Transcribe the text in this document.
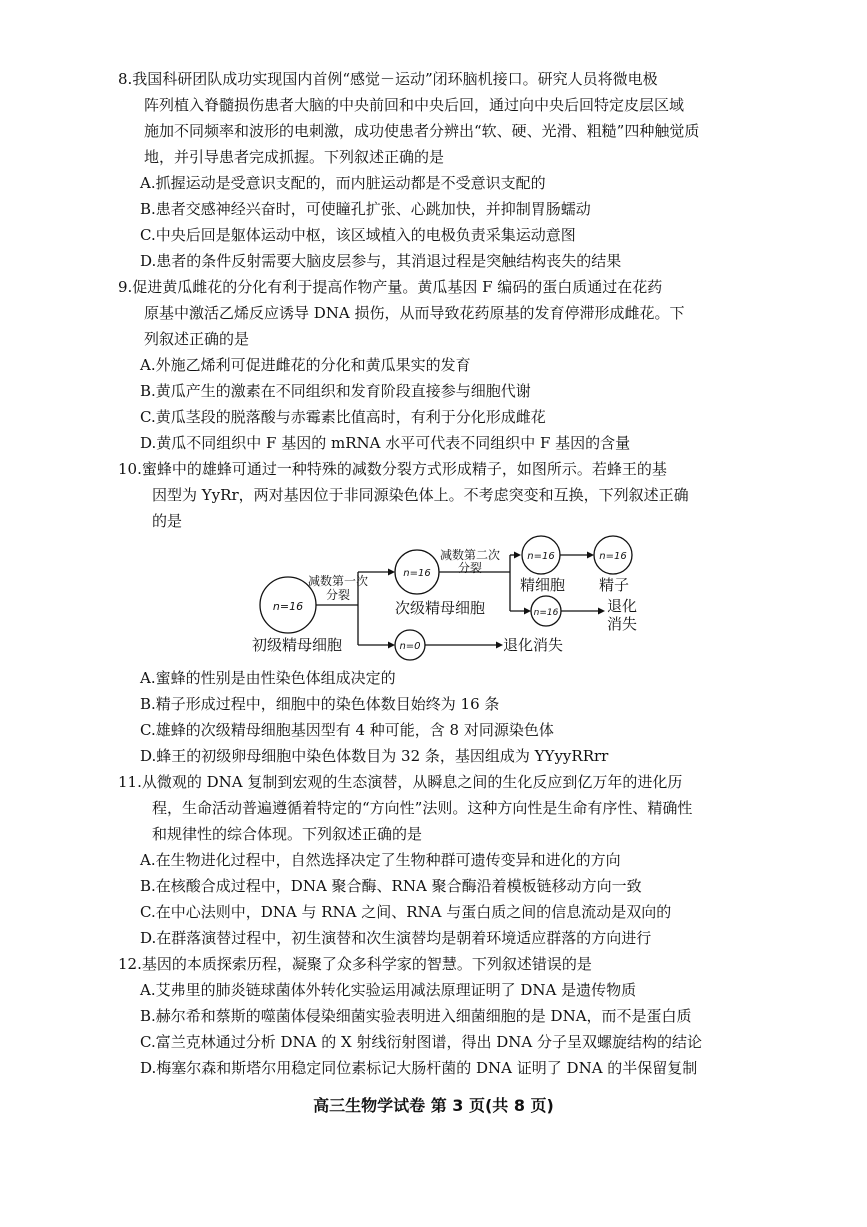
8.我国科研团队成功实现国内首例“感觉－运动”闭环脑机接口。研究人员将微电极
阵列植入脊髓损伤患者大脑的中央前回和中央后回，通过向中央后回特定皮层区域
施加不同频率和波形的电刺激，成功使患者分辨出“软、硬、光滑、粗糙”四种触觉质
地，并引导患者完成抓握。下列叙述正确的是
A.抓握运动是受意识支配的，而内脏运动都是不受意识支配的
B.患者交感神经兴奋时，可使瞳孔扩张、心跳加快，并抑制胃肠蠕动
C.中央后回是躯体运动中枢，该区域植入的电极负责采集运动意图
D.患者的条件反射需要大脑皮层参与，其消退过程是突触结构丧失的结果
9.促进黄瓜雌花的分化有利于提高作物产量。黄瓜基因 F 编码的蛋白质通过在花药
原基中激活乙烯反应诱导 DNA 损伤，从而导致花药原基的发育停滞形成雌花。下
列叙述正确的是
A.外施乙烯利可促进雌花的分化和黄瓜果实的发育
B.黄瓜产生的激素在不同组织和发育阶段直接参与细胞代谢
C.黄瓜茎段的脱落酸与赤霉素比值高时，有利于分化形成雌花
D.黄瓜不同组织中 F 基因的 mRNA 水平可代表不同组织中 F 基因的含量
10.蜜蜂中的雄蜂可通过一种特殊的减数分裂方式形成精子，如图所示。若蜂王的基
因型为 YyRr，两对基因位于非同源染色体上。不考虑突变和互换，下列叙述正确
的是
n=16
初级精母细胞
减数第一次
分裂
n=16
次级精母细胞
n=0	退化消失
减数第二次
分裂
n=16
精细胞
n=16
精子
n=16	退化
消失
A.蜜蜂的性别是由性染色体组成决定的
B.精子形成过程中，细胞中的染色体数目始终为 16 条
C.雄蜂的次级精母细胞基因型有 4 种可能，含 8 对同源染色体
D.蜂王的初级卵母细胞中染色体数目为 32 条，基因组成为 YYyyRRrr
11.从微观的 DNA 复制到宏观的生态演替，从瞬息之间的生化反应到亿万年的进化历
程，生命活动普遍遵循着特定的“方向性”法则。这种方向性是生命有序性、精确性
和规律性的综合体现。下列叙述正确的是
A.在生物进化过程中，自然选择决定了生物种群可遗传变异和进化的方向
B.在核酸合成过程中，DNA 聚合酶、RNA 聚合酶沿着模板链移动方向一致
C.在中心法则中，DNA 与 RNA 之间、RNA 与蛋白质之间的信息流动是双向的
D.在群落演替过程中，初生演替和次生演替均是朝着环境适应群落的方向进行
12.基因的本质探索历程，凝聚了众多科学家的智慧。下列叙述错误的是
A.艾弗里的肺炎链球菌体外转化实验运用减法原理证明了 DNA 是遗传物质
B.赫尔希和蔡斯的噬菌体侵染细菌实验表明进入细菌细胞的是 DNA，而不是蛋白质
C.富兰克林通过分析 DNA 的 X 射线衍射图谱，得出 DNA 分子呈双螺旋结构的结论
D.梅塞尔森和斯塔尔用稳定同位素标记大肠杆菌的 DNA 证明了 DNA 的半保留复制
高三生物学试卷 第 3 页(共 8 页)
